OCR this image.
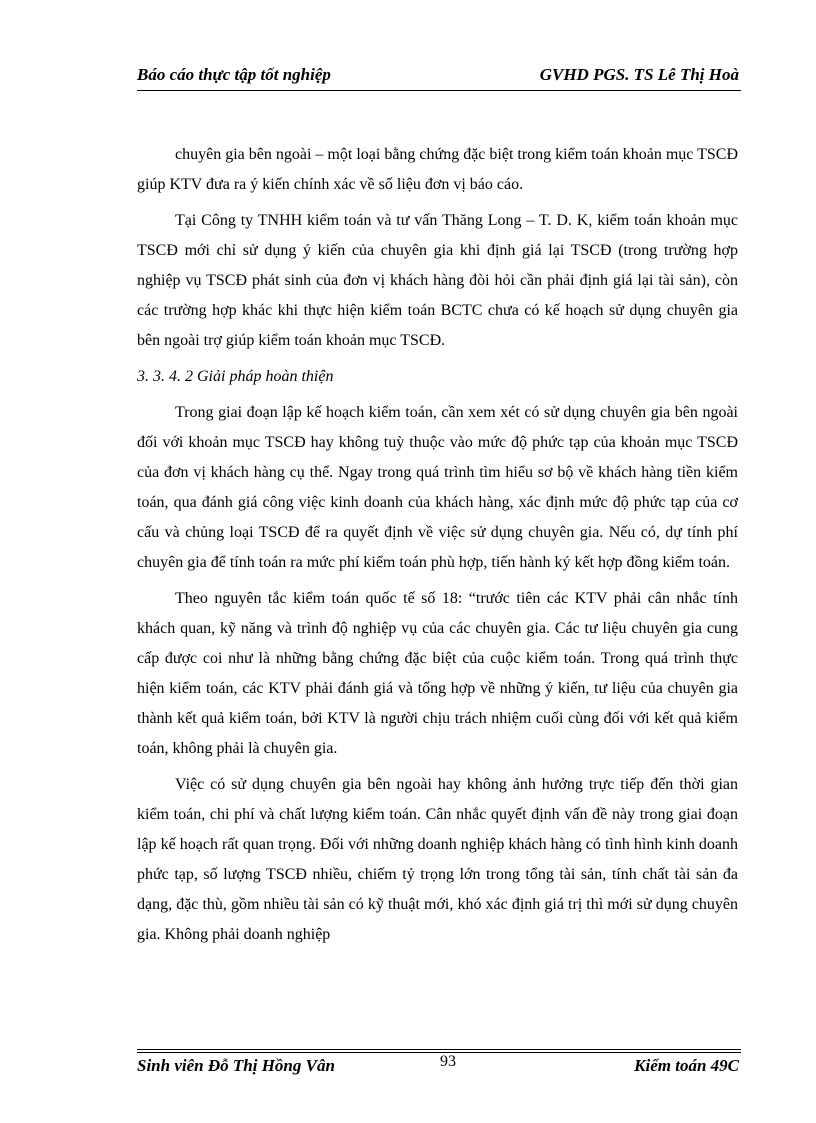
Báo cáo thực tập tốt nghiệp	GVHD PGS. TS Lê Thị Hoà

chuyên gia bên ngoài – một loại bằng chứng đặc biệt trong kiểm toán khoản mục TSCĐ giúp KTV đưa ra ý kiến chính xác về số liệu đơn vị báo cáo.

Tại Công ty TNHH kiểm toán và tư vấn Thăng Long – T. D. K, kiểm toán khoản mục TSCĐ mới chỉ sử dụng ý kiến của chuyên gia khi định giá lại TSCĐ (trong trường hợp nghiệp vụ TSCĐ phát sinh của đơn vị khách hàng đòi hỏi cần phải định giá lại tài sản), còn các trường hợp khác khi thực hiện kiểm toán BCTC chưa có kế hoạch sử dụng chuyên gia bên ngoài trợ giúp kiểm toán khoản mục TSCĐ.

3. 3. 4. 2 Giải pháp hoàn thiện

Trong giai đoạn lập kế hoạch kiểm toán, cần xem xét có sử dụng chuyên gia bên ngoài đối với khoản mục TSCĐ hay không tuỳ thuộc vào mức độ phức tạp của khoản mục TSCĐ của đơn vị khách hàng cụ thể. Ngay trong quá trình tìm hiểu sơ bộ về khách hàng tiền kiểm toán, qua đánh giá công việc kinh doanh của khách hàng, xác định mức độ phức tạp của cơ cấu và chủng loại TSCĐ để ra quyết định về việc sử dụng chuyên gia. Nếu có, dự tính phí chuyên gia để tính toán ra mức phí kiểm toán phù hợp, tiến hành ký kết hợp đồng kiểm toán.

Theo nguyên tắc kiểm toán quốc tế số 18: “trước tiên các KTV phải cân nhắc tính khách quan, kỹ năng và trình độ nghiệp vụ của các chuyên gia. Các tư liệu chuyên gia cung cấp được coi như là những bằng chứng đặc biệt của cuộc kiểm toán. Trong quá trình thực hiện kiểm toán, các KTV phải đánh giá và tổng hợp về những ý kiến, tư liệu của chuyên gia thành kết quả kiểm toán, bởi KTV là người chịu trách nhiệm cuối cùng đối với kết quả kiểm toán, không phải là chuyên gia.

Việc có sử dụng chuyên gia bên ngoài hay không ảnh hưởng trực tiếp đến thời gian kiểm toán, chi phí và chất lượng kiểm toán. Cân nhắc quyết định vấn đề này trong giai đoạn lập kế hoạch rất quan trọng. Đối với những doanh nghiệp khách hàng có tình hình kinh doanh phức tạp, số lượng TSCĐ nhiều, chiếm tỷ trọng lớn trong tổng tài sản, tính chất tài sản đa dạng, đặc thù, gồm nhiều tài sản có kỹ thuật mới, khó xác định giá trị thì mới sử dụng chuyên gia. Không phải doanh nghiệp

Sinh viên Đỗ Thị Hồng Vân	93	Kiểm toán 49C
